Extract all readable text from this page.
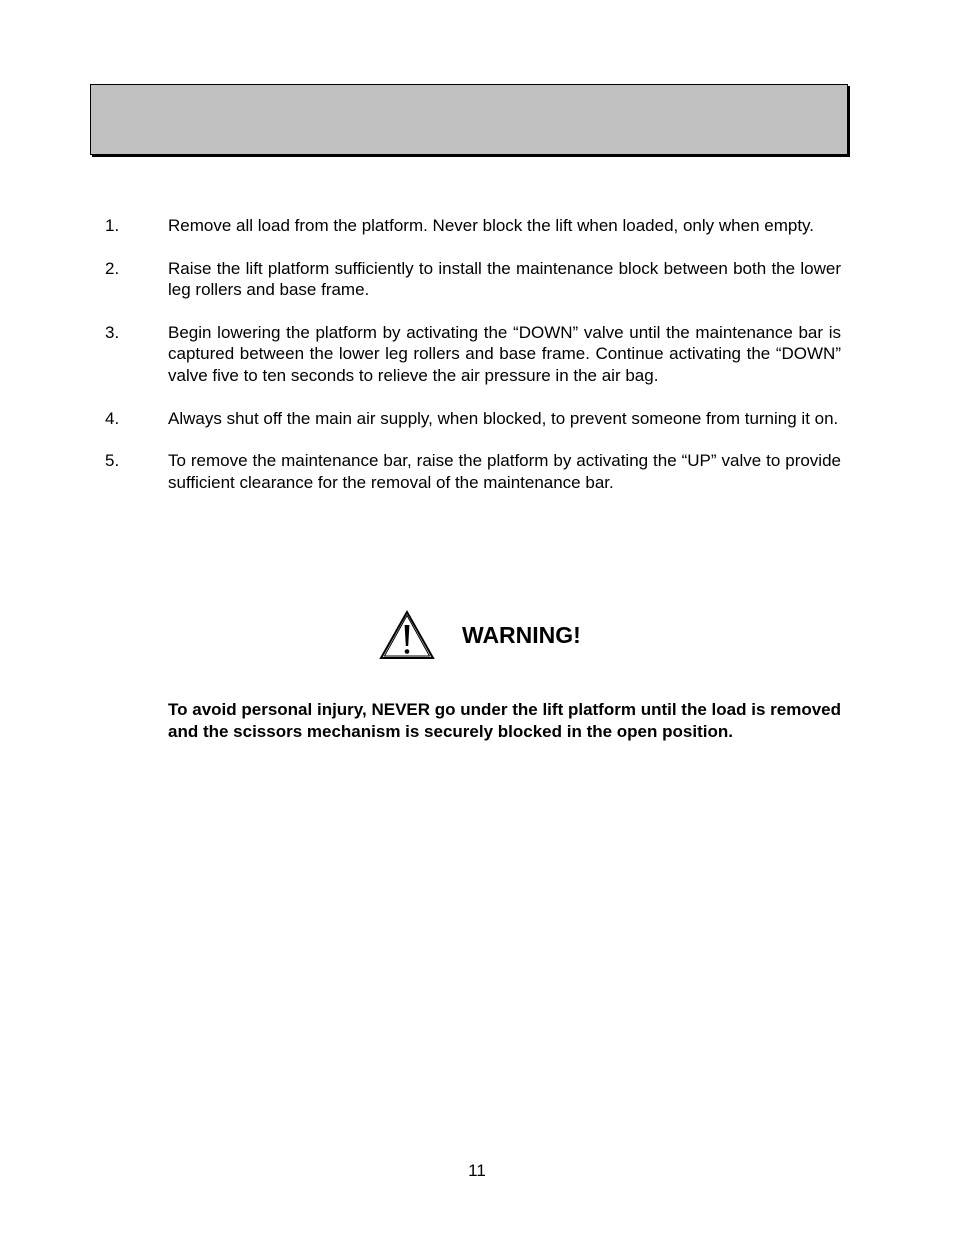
1.	Remove all load from the platform. Never block the lift when loaded, only when empty.
2.	Raise the lift platform sufficiently to install the maintenance block between both the lower leg rollers and base frame.
3.	Begin lowering the platform by activating the “DOWN” valve until the maintenance bar is captured between the lower leg rollers and base frame. Continue activating the “DOWN” valve five to ten seconds to relieve the air pressure in the air bag.
4.	Always shut off the main air supply, when blocked, to prevent someone from turning it on.
5.	To remove the maintenance bar, raise the platform by activating the “UP” valve to provide sufficient clearance for the removal of the maintenance bar.
WARNING!

To avoid personal injury, NEVER go under the lift platform until the load is removed and the scissors mechanism is securely blocked in the open position.

11
